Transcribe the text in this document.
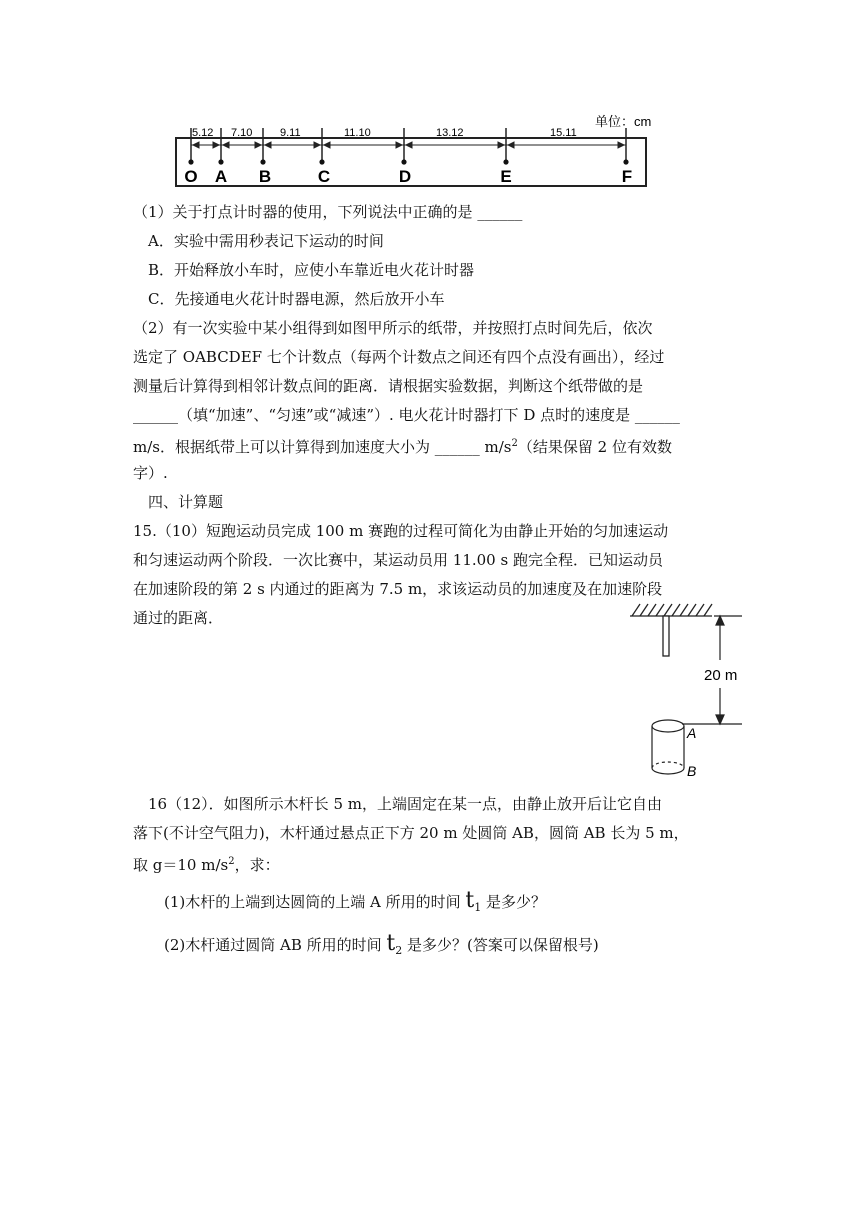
单位：cm
5.12 7.10	9.11	11.10	13.12	15.11
O A B	C	D	E	F
（1）关于打点计时器的使用，下列说法中正确的是 ______
A．实验中需用秒表记下运动的时间
B．开始释放小车时，应使小车靠近电火花计时器
C．先接通电火花计时器电源，然后放开小车
（2）有一次实验中某小组得到如图甲所示的纸带，并按照打点时间先后，依次
选定了 OABCDEF 七个计数点（每两个计数点之间还有四个点没有画出），经过
测量后计算得到相邻计数点间的距离．请根据实验数据，判断这个纸带做的是
______（填“加速”、“匀速”或“减速”）. 电火花计时器打下 D 点时的速度是 ______
m/s．根据纸带上可以计算得到加速度大小为 ______ $m/s^2$（结果保留 2 位有效数
字）.
四、计算题
15.（10）短跑运动员完成 100 m 赛跑的过程可简化为由静止开始的匀加速运动
和匀速运动两个阶段．一次比赛中，某运动员用 11.00 s 跑完全程．已知运动员
在加速阶段的第 2 s 内通过的距离为 7.5 m，求该运动员的加速度及在加速阶段
通过的距离．
20 m
A
B
16（12）．如图所示木杆长 5 m，上端固定在某一点，由静止放开后让它自由
落下(不计空气阻力)，木杆通过悬点正下方 20 m 处圆筒 AB，圆筒 AB 长为 5 m，
取 g＝10 $m/s^2$，求：
(1)木杆的上端到达圆筒的上端 A 所用的时间 $t_1$ 是多少？
(2)木杆通过圆筒 AB 所用的时间 $t_2$ 是多少？(答案可以保留根号)
